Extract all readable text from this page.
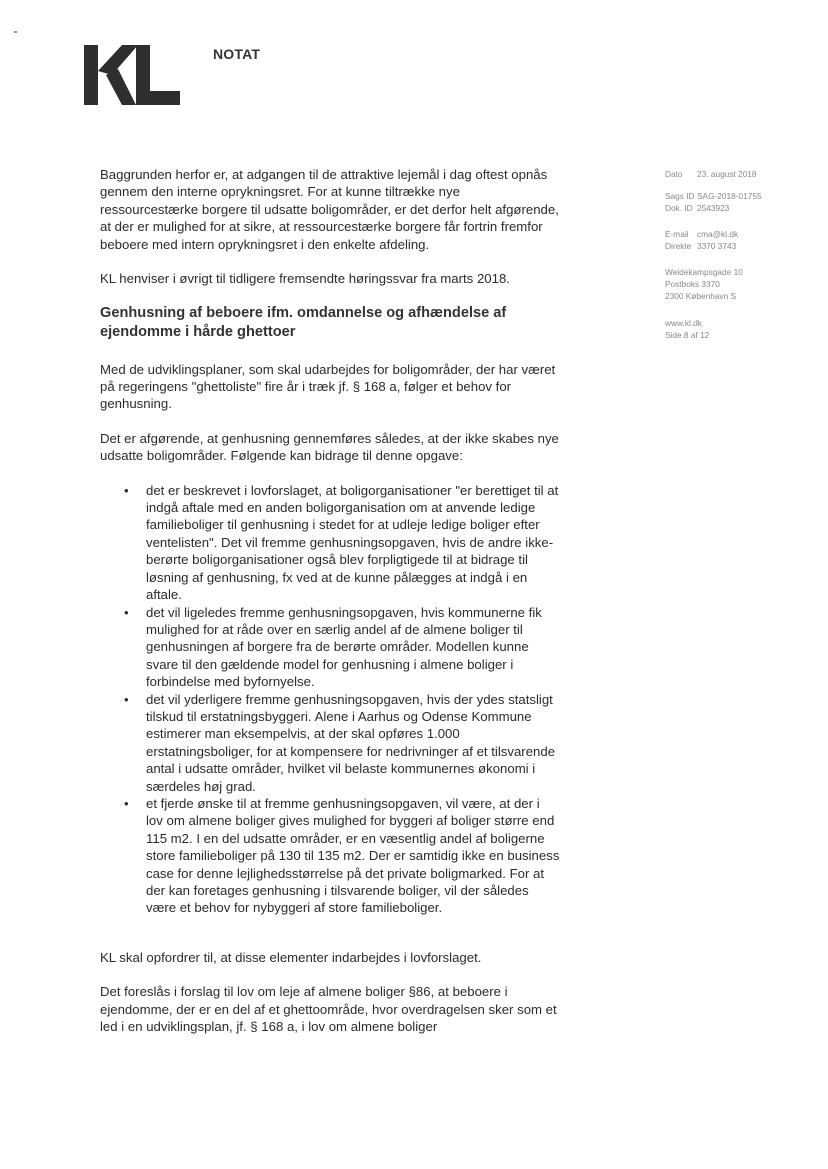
NOTAT
Dato 23. august 2018
Sags ID SAG-2018-01755
Dok. ID 2543923
E-mail cma@kl.dk
Direkte 3370 3743
Weidekampsgade 10
Postboks 3370
2300 København S
www.kl.dk
Side 8 af 12

Baggrunden herfor er, at adgangen til de attraktive lejemål i dag oftest opnås gennem den interne oprykningsret. For at kunne tiltrække nye ressourcestærke borgere til udsatte boligområder, er det derfor helt afgørende, at der er mulighed for at sikre, at ressourcestærke borgere får fortrin fremfor beboere med intern oprykningsret i den enkelte afdeling.

KL henviser i øvrigt til tidligere fremsendte høringssvar fra marts 2018.

Genhusning af beboere ifm. omdannelse og afhændelse af ejendomme i hårde ghettoer

Med de udviklingsplaner, som skal udarbejdes for boligområder, der har været på regeringens "ghettoliste" fire år i træk jf. § 168 a, følger et behov for genhusning.

Det er afgørende, at genhusning gennemføres således, at der ikke skabes nye udsatte boligområder. Følgende kan bidrage til denne opgave:

• det er beskrevet i lovforslaget, at boligorganisationer "er berettiget til at indgå aftale med en anden boligorganisation om at anvende ledige familieboliger til genhusning i stedet for at udleje ledige boliger efter ventelisten". Det vil fremme genhusningsopgaven, hvis de andre ikke-berørte boligorganisationer også blev forpligtigede til at bidrage til løsning af genhusning, fx ved at de kunne pålægges at indgå i en aftale.
• det vil ligeledes fremme genhusningsopgaven, hvis kommunerne fik mulighed for at råde over en særlig andel af de almene boliger til genhusningen af borgere fra de berørte områder. Modellen kunne svare til den gældende model for genhusning i almene boliger i forbindelse med byfornyelse.
• det vil yderligere fremme genhusningsopgaven, hvis der ydes statsligt tilskud til erstatningsbyggeri. Alene i Aarhus og Odense Kommune estimerer man eksempelvis, at der skal opføres 1.000 erstatningsboliger, for at kompensere for nedrivninger af et tilsvarende antal i udsatte områder, hvilket vil belaste kommunernes økonomi i særdeles høj grad.
• et fjerde ønske til at fremme genhusningsopgaven, vil være, at der i lov om almene boliger gives mulighed for byggeri af boliger større end 115 m2. I en del udsatte områder, er en væsentlig andel af boligerne store familieboliger på 130 til 135 m2. Der er samtidig ikke en business case for denne lejlighedsstørrelse på det private boligmarked. For at der kan foretages genhusning i tilsvarende boliger, vil der således være et behov for nybyggeri af store familieboliger.

KL skal opfordrer til, at disse elementer indarbejdes i lovforslaget.

Det foreslås i forslag til lov om leje af almene boliger §86, at beboere i ejendomme, der er en del af et ghettoområde, hvor overdragelsen sker som et led i en udviklingsplan, jf. § 168 a, i lov om almene boliger
